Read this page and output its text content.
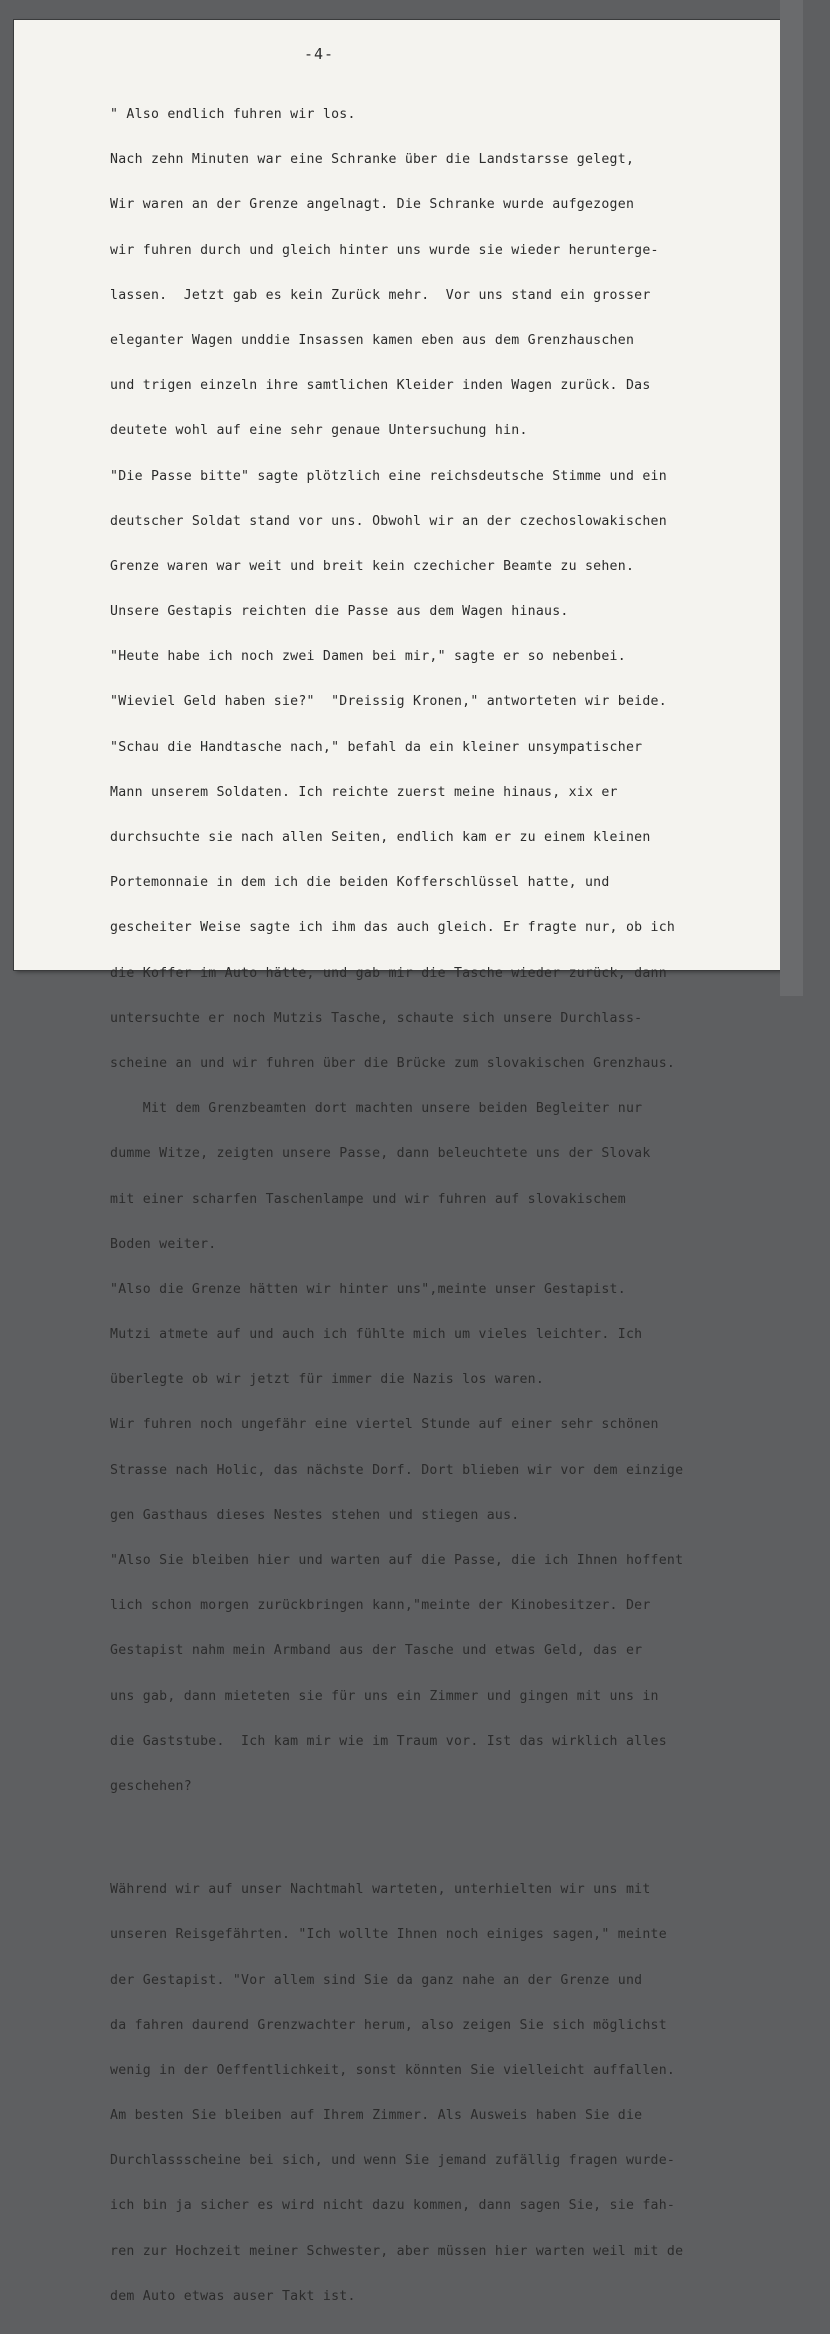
-4-

" Also endlich fuhren wir los.

Nach zehn Minuten war eine Schranke über die Landstarsse gelegt,

Wir waren an der Grenze angelnagt. Die Schranke wurde aufgezogen

wir fuhren durch und gleich hinter uns wurde sie wieder herunterge-

lassen.  Jetzt gab es kein Zurück mehr.  Vor uns stand ein grosser

eleganter Wagen unddie Insassen kamen eben aus dem Grenzhauschen

und trigen einzeln ihre samtlichen Kleider inden Wagen zurück. Das

deutete wohl auf eine sehr genaue Untersuchung hin.

"Die Passe bitte" sagte plötzlich eine reichsdeutsche Stimme und ein

deutscher Soldat stand vor uns. Obwohl wir an der czechoslowakischen

Grenze waren war weit und breit kein czechicher Beamte zu sehen.

Unsere Gestapis reichten die Passe aus dem Wagen hinaus.

"Heute habe ich noch zwei Damen bei mir," sagte er so nebenbei.

"Wieviel Geld haben sie?"  "Dreissig Kronen," antworteten wir beide.

"Schau die Handtasche nach," befahl da ein kleiner unsympatischer

Mann unserem Soldaten. Ich reichte zuerst meine hinaus, xix er

durchsuchte sie nach allen Seiten, endlich kam er zu einem kleinen

Portemonnaie in dem ich die beiden Kofferschlüssel hatte, und

gescheiter Weise sagte ich ihm das auch gleich. Er fragte nur, ob ich

die Koffer im Auto hätte, und gab mir die Tasche wieder zurück, dann

untersuchte er noch Mutzis Tasche, schaute sich unsere Durchlass-

scheine an und wir fuhren über die Brücke zum slovakischen Grenzhaus.

Mit dem Grenzbeamten dort machten unsere beiden Begleiter nur

dumme Witze, zeigten unsere Passe, dann beleuchtete uns der Slovak

mit einer scharfen Taschenlampe und wir fuhren auf slovakischem

Boden weiter.

"Also die Grenze hätten wir hinter uns",meinte unser Gestapist.

Mutzi atmete auf und auch ich fühlte mich um vieles leichter. Ich

überlegte ob wir jetzt für immer die Nazis los waren.

Wir fuhren noch ungefähr eine viertel Stunde auf einer sehr schönen

Strasse nach Holic, das nächste Dorf. Dort blieben wir vor dem einzige

gen Gasthaus dieses Nestes stehen und stiegen aus.

"Also Sie bleiben hier und warten auf die Passe, die ich Ihnen hoffent

lich schon morgen zurückbringen kann,"meinte der Kinobesitzer. Der

Gestapist nahm mein Armband aus der Tasche und etwas Geld, das er

uns gab, dann mieteten sie für uns ein Zimmer und gingen mit uns in

die Gaststube.  Ich kam mir wie im Traum vor. Ist das wirklich alles

geschehen?

Während wir auf unser Nachtmahl warteten, unterhielten wir uns mit

unseren Reisgefährten. "Ich wollte Ihnen noch einiges sagen," meinte

der Gestapist. "Vor allem sind Sie da ganz nahe an der Grenze und

da fahren daurend Grenzwachter herum, also zeigen Sie sich möglichst

wenig in der Oeffentlichkeit, sonst könnten Sie vielleicht auffallen.

Am besten Sie bleiben auf Ihrem Zimmer. Als Ausweis haben Sie die

Durchlassscheine bei sich, und wenn Sie jemand zufällig fragen wurde-

ich bin ja sicher es wird nicht dazu kommen, dann sagen Sie, sie fah-

ren zur Hochzeit meiner Schwester, aber müssen hier warten weil mit de

dem Auto etwas auser Takt ist.
